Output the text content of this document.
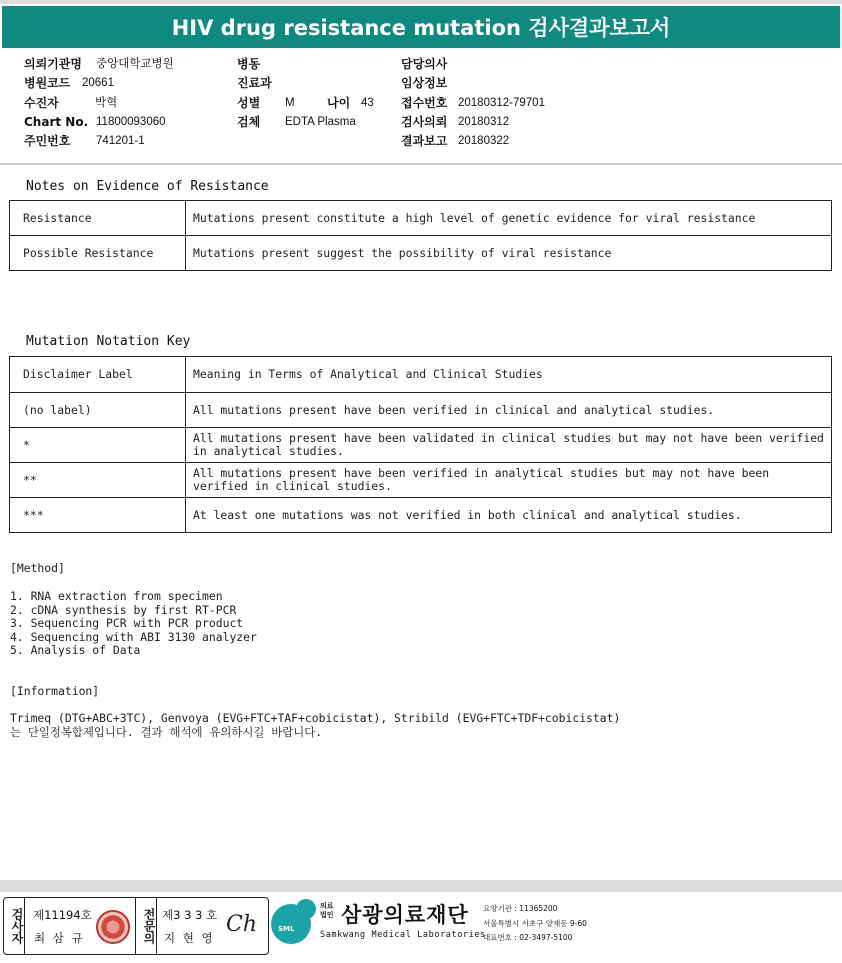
HIV drug resistance mutation 검사결과보고서
의뢰기관명	중앙대학교병원
병원코드	20661
수진자	박혁
Chart No. 11800093060
주민번호	741201-1
병동
진료과
성별	M	나이 43
검체	EDTA Plasma
담당의사
임상정보
접수번호 20180312-79701
검사의뢰 20180312
결과보고 20180322
Notes on Evidence of Resistance
Resistance	Mutations present constitute a high level of genetic evidence for viral resistance
Possible Resistance	Mutations present suggest the possibility of viral resistance
Mutation Notation Key
Disclaimer Label	Meaning in Terms of Analytical and Clinical Studies
(no label)	All mutations present have been verified in clinical and analytical studies.
*	All mutations present have been validated in clinical studies but may not have been verified in analytical studies.
**	All mutations present have been verified in analytical studies but may not have been verified in clinical studies.
***	At least one mutations was not verified in both clinical and analytical studies.
[Method]
1. RNA extraction from specimen
2. cDNA synthesis by first RT-PCR
3. Sequencing PCR with PCR product
4. Sequencing with ABI 3130 analyzer
5. Analysis of Data
[Information]
Trimeq (DTG+ABC+3TC), Genvoya (EVG+FTC+TAF+cobicistat), Stribild (EVG+FTC+TDF+cobicistat)
는 단일정복합제입니다. 결과 해석에 유의하시길 바랍니다.
검사자 제11194호
최 삼 규	전문의 제3 3 3 호
지 현 영
Ch	SML
의료법인 삼광의료재단
Samkwang Medical Laboratories
요양기관 : 11365200
서울특별시 서초구 양재동 9-60
대표번호 : 02-3497-5100
